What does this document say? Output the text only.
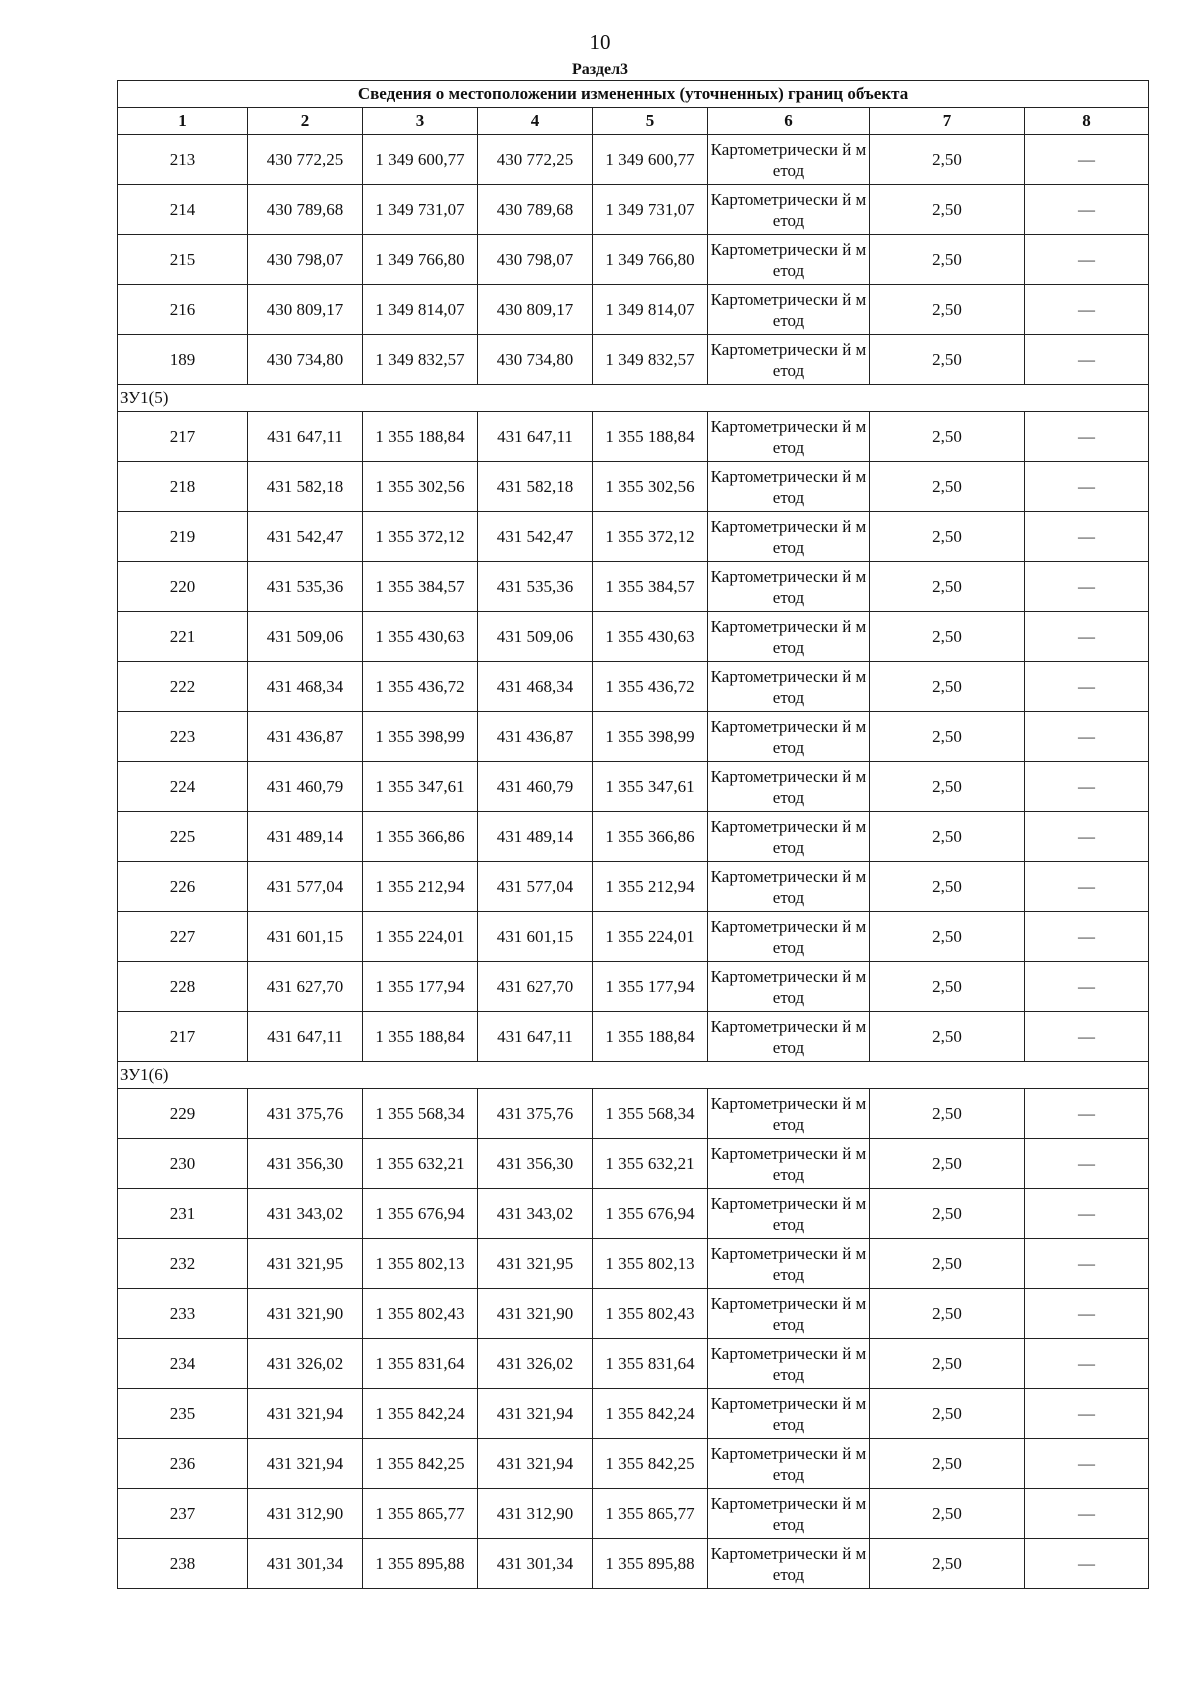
10
Раздел3
Сведения о местоположении измененных (уточненных) границ объекта							
1	2	3	4	5	6	7	8
213	430 772,25	1 349 600,77	430 772,25	1 349 600,77	Картометрически й метод	2,50	—
214	430 789,68	1 349 731,07	430 789,68	1 349 731,07	Картометрически й метод	2,50	—
215	430 798,07	1 349 766,80	430 798,07	1 349 766,80	Картометрически й метод	2,50	—
216	430 809,17	1 349 814,07	430 809,17	1 349 814,07	Картометрически й метод	2,50	—
189	430 734,80	1 349 832,57	430 734,80	1 349 832,57	Картометрически й метод	2,50	—
ЗУ1(5)							
217	431 647,11	1 355 188,84	431 647,11	1 355 188,84	Картометрически й метод	2,50	—
218	431 582,18	1 355 302,56	431 582,18	1 355 302,56	Картометрически й метод	2,50	—
219	431 542,47	1 355 372,12	431 542,47	1 355 372,12	Картометрически й метод	2,50	—
220	431 535,36	1 355 384,57	431 535,36	1 355 384,57	Картометрически й метод	2,50	—
221	431 509,06	1 355 430,63	431 509,06	1 355 430,63	Картометрически й метод	2,50	—
222	431 468,34	1 355 436,72	431 468,34	1 355 436,72	Картометрически й метод	2,50	—
223	431 436,87	1 355 398,99	431 436,87	1 355 398,99	Картометрически й метод	2,50	—
224	431 460,79	1 355 347,61	431 460,79	1 355 347,61	Картометрически й метод	2,50	—
225	431 489,14	1 355 366,86	431 489,14	1 355 366,86	Картометрически й метод	2,50	—
226	431 577,04	1 355 212,94	431 577,04	1 355 212,94	Картометрически й метод	2,50	—
227	431 601,15	1 355 224,01	431 601,15	1 355 224,01	Картометрически й метод	2,50	—
228	431 627,70	1 355 177,94	431 627,70	1 355 177,94	Картометрически й метод	2,50	—
217	431 647,11	1 355 188,84	431 647,11	1 355 188,84	Картометрически й метод	2,50	—
ЗУ1(6)							
229	431 375,76	1 355 568,34	431 375,76	1 355 568,34	Картометрически й метод	2,50	—
230	431 356,30	1 355 632,21	431 356,30	1 355 632,21	Картометрически й метод	2,50	—
231	431 343,02	1 355 676,94	431 343,02	1 355 676,94	Картометрически й метод	2,50	—
232	431 321,95	1 355 802,13	431 321,95	1 355 802,13	Картометрически й метод	2,50	—
233	431 321,90	1 355 802,43	431 321,90	1 355 802,43	Картометрически й метод	2,50	—
234	431 326,02	1 355 831,64	431 326,02	1 355 831,64	Картометрически й метод	2,50	—
235	431 321,94	1 355 842,24	431 321,94	1 355 842,24	Картометрически й метод	2,50	—
236	431 321,94	1 355 842,25	431 321,94	1 355 842,25	Картометрически й метод	2,50	—
237	431 312,90	1 355 865,77	431 312,90	1 355 865,77	Картометрически й метод	2,50	—
238	431 301,34	1 355 895,88	431 301,34	1 355 895,88	Картометрически й метод	2,50	—
